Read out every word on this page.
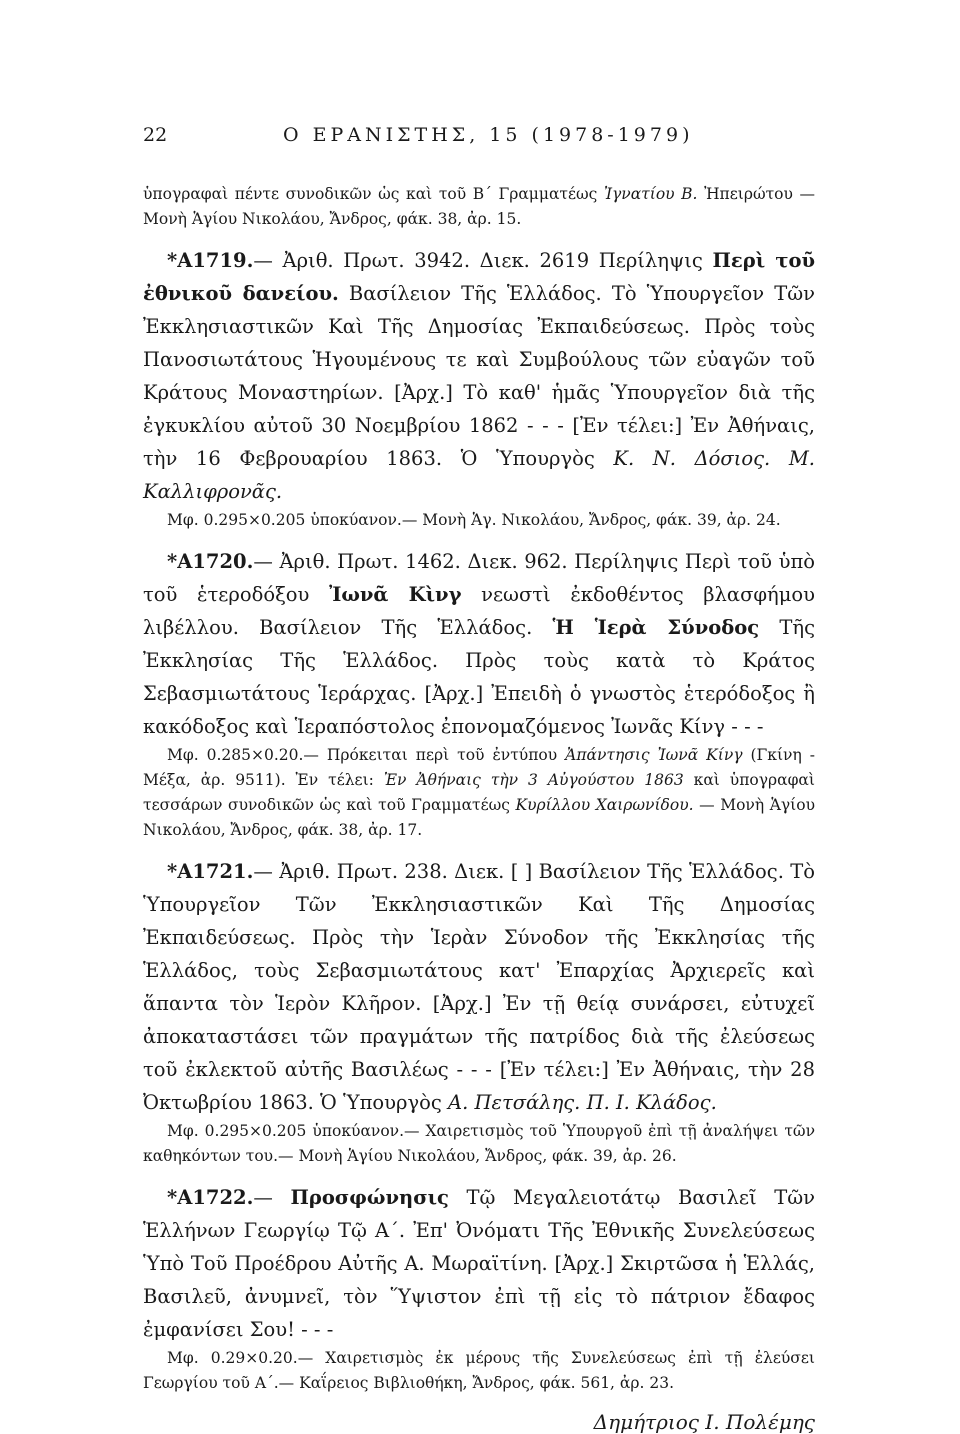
22	Ο ΕΡΑΝΙΣΤΗΣ, 15 (1978-1979)

ὑπογραφαὶ πέντε συνοδικῶν ὡς καὶ τοῦ Β΄ Γραμματέως Ἰγνατίου Β. Ἠπειρώτου — Μονὴ Ἁγίου Νικολάου, Ἄνδρος, φάκ. 38, ἀρ. 15.

*Α1719.— Ἀριθ. Πρωτ. 3942. Διεκ. 2619 Περίληψις Περὶ τοῦ ἐθνικοῦ δανείου. Βασίλειον Τῆς Ἑλλάδος. Τὸ Ὑπουργεῖον Τῶν Ἐκκλησιαστικῶν Καὶ Τῆς Δημοσίας Ἐκπαιδεύσεως. Πρὸς τοὺς Πανοσιωτάτους Ἡγουμένους τε καὶ Συμβούλους τῶν εὐαγῶν τοῦ Κράτους Μοναστηρίων. [Ἀρχ.] Τὸ καθ' ἡμᾶς Ὑπουργεῖον διὰ τῆς ἐγκυκλίου αὐτοῦ 30 Νοεμβρίου 1862 - - - [Ἐν τέλει:] Ἐν Ἀθήναις, τὴν 16 Φεβρουαρίου 1863. Ὁ Ὑπουργὸς Κ. Ν. Δόσιος. Μ. Καλλιφρονᾶς.

Μφ. 0.295×0.205 ὑποκύανον.— Μονὴ Ἁγ. Νικολάου, Ἄνδρος, φάκ. 39, ἀρ. 24.

*Α1720.— Ἀριθ. Πρωτ. 1462. Διεκ. 962. Περίληψις Περὶ τοῦ ὑπὸ τοῦ ἑτεροδόξου Ἰωνᾶ Κὶνγ νεωστὶ ἐκδοθέντος βλασφήμου λιβέλλου. Βασίλειον Τῆς Ἑλλάδος. Ἡ Ἱερὰ Σύνοδος Τῆς Ἐκκλησίας Τῆς Ἑλλάδος. Πρὸς τοὺς κατὰ τὸ Κράτος Σεβασμιωτάτους Ἱεράρχας. [Ἀρχ.] Ἐπειδὴ ὁ γνωστὸς ἑτερόδοξος ἢ κακόδοξος καὶ Ἱεραπόστολος ἐπονομαζόμενος Ἰωνᾶς Κίνγ - - -

Μφ. 0.285×0.20.— Πρόκειται περὶ τοῦ ἐντύπου Ἀπάντησις Ἰωνᾶ Κίνγ (Γκίνη - Μέξα, ἀρ. 9511). Ἐν τέλει: Ἐν Ἀθήναις τὴν 3 Αὐγούστου 1863 καὶ ὑπογραφαὶ τεσσάρων συνοδικῶν ὡς καὶ τοῦ Γραμματέως Κυρίλλου Χαιρωνίδου. — Μονὴ Ἁγίου Νικολάου, Ἄνδρος, φάκ. 38, ἀρ. 17.

*Α1721.— Ἀριθ. Πρωτ. 238. Διεκ. [ ] Βασίλειον Τῆς Ἑλλάδος. Τὸ Ὑπουργεῖον Τῶν Ἐκκλησιαστικῶν Καὶ Τῆς Δημοσίας Ἐκπαιδεύσεως. Πρὸς τὴν Ἱερὰν Σύνοδον τῆς Ἐκκλησίας τῆς Ἑλλάδος, τοὺς Σεβασμιωτάτους κατ' Ἐπαρχίας Ἀρχιερεῖς καὶ ἅπαντα τὸν Ἱερὸν Κλῆρον. [Ἀρχ.] Ἐν τῇ θείᾳ συνάρσει, εὐτυχεῖ ἀποκαταστάσει τῶν πραγμάτων τῆς πατρίδος διὰ τῆς ἐλεύσεως τοῦ ἐκλεκτοῦ αὐτῆς Βασιλέως - - - [Ἐν τέλει:] Ἐν Ἀθήναις, τὴν 28 Ὀκτωβρίου 1863. Ὁ Ὑπουργὸς Α. Πετσάλης. Π. Ι. Κλάδος.

Μφ. 0.295×0.205 ὑποκύανον.— Χαιρετισμὸς τοῦ Ὑπουργοῦ ἐπὶ τῇ ἀναλήψει τῶν καθηκόντων του.— Μονὴ Ἁγίου Νικολάου, Ἄνδρος, φάκ. 39, ἀρ. 26.

*Α1722.— Προσφώνησις Τῷ Μεγαλειοτάτῳ Βασιλεῖ Τῶν Ἑλλήνων Γεωργίῳ Τῷ Α΄. Ἐπ' Ὀνόματι Τῆς Ἐθνικῆς Συνελεύσεως Ὑπὸ Τοῦ Προέδρου Αὐτῆς Α. Μωραϊτίνη. [Ἀρχ.] Σκιρτῶσα ἡ Ἑλλάς, Βασιλεῦ, ἀνυμνεῖ, τὸν Ὕψιστον ἐπὶ τῇ εἰς τὸ πάτριον ἔδαφος ἐμφανίσει Σου! - - -

Μφ. 0.29×0.20.— Χαιρετισμὸς ἐκ μέρους τῆς Συνελεύσεως ἐπὶ τῇ ἐλεύσει Γεωργίου τοῦ Α΄.— Καΐρειος Βιβλιοθήκη, Ἄνδρος, φάκ. 561, ἀρ. 23.

Δημήτριος Ι. Πολέμης
